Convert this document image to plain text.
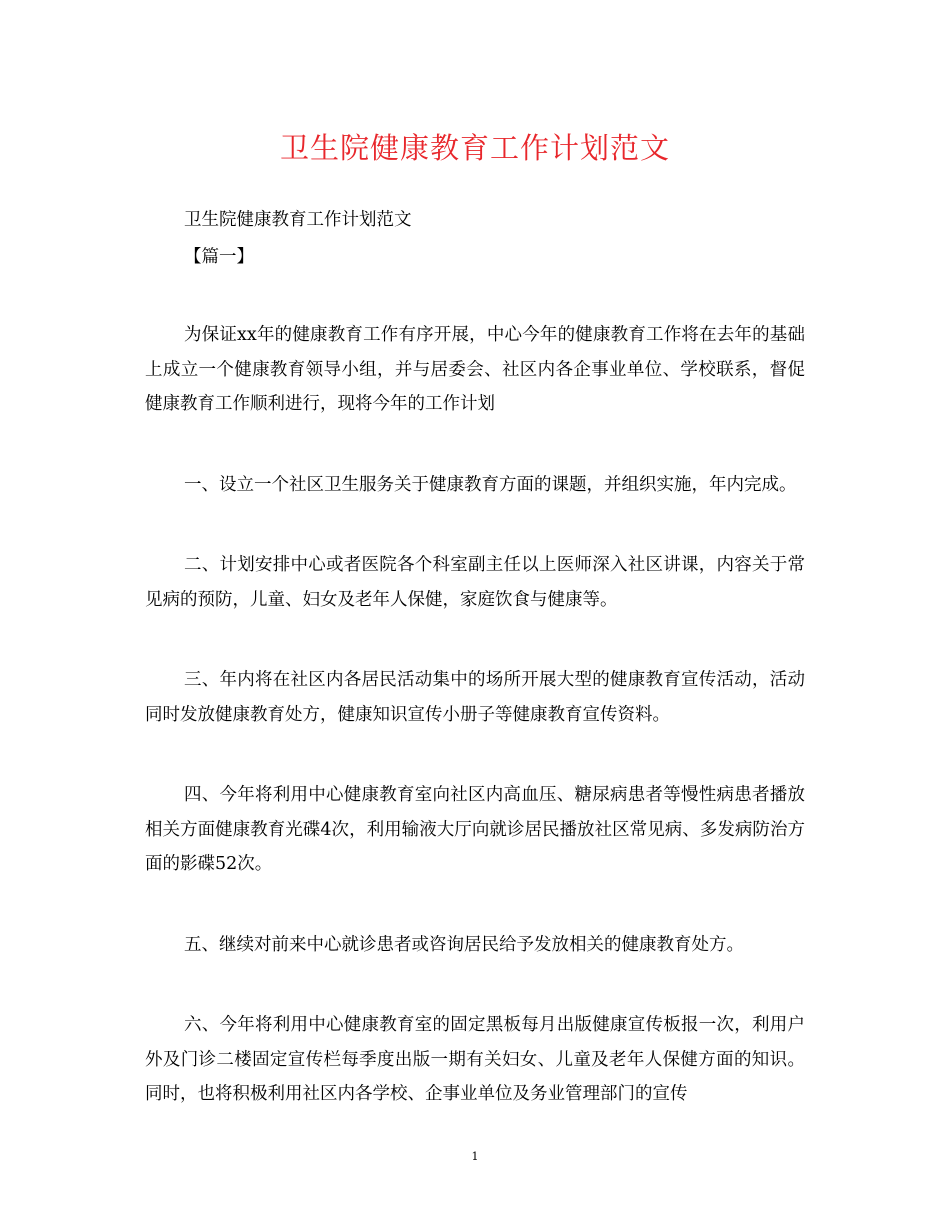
卫生院健康教育工作计划范文

卫生院健康教育工作计划范文

【篇一】

为保证xx年的健康教育工作有序开展，中心今年的健康教育工作将在去年的基础上成立一个健康教育领导小组，并与居委会、社区内各企事业单位、学校联系，督促健康教育工作顺利进行，现将今年的工作计划

一、设立一个社区卫生服务关于健康教育方面的课题，并组织实施，年内完成。

二、计划安排中心或者医院各个科室副主任以上医师深入社区讲课，内容关于常见病的预防，儿童、妇女及老年人保健，家庭饮食与健康等。

三、年内将在社区内各居民活动集中的场所开展大型的健康教育宣传活动，活动同时发放健康教育处方，健康知识宣传小册子等健康教育宣传资料。

四、今年将利用中心健康教育室向社区内高血压、糖尿病患者等慢性病患者播放相关方面健康教育光碟4次，利用输液大厅向就诊居民播放社区常见病、多发病防治方面的影碟52次。

五、继续对前来中心就诊患者或咨询居民给予发放相关的健康教育处方。

六、今年将利用中心健康教育室的固定黑板每月出版健康宣传板报一次，利用户外及门诊二楼固定宣传栏每季度出版一期有关妇女、儿童及老年人保健方面的知识。同时，也将积极利用社区内各学校、企事业单位及务业管理部门的宣传

1
